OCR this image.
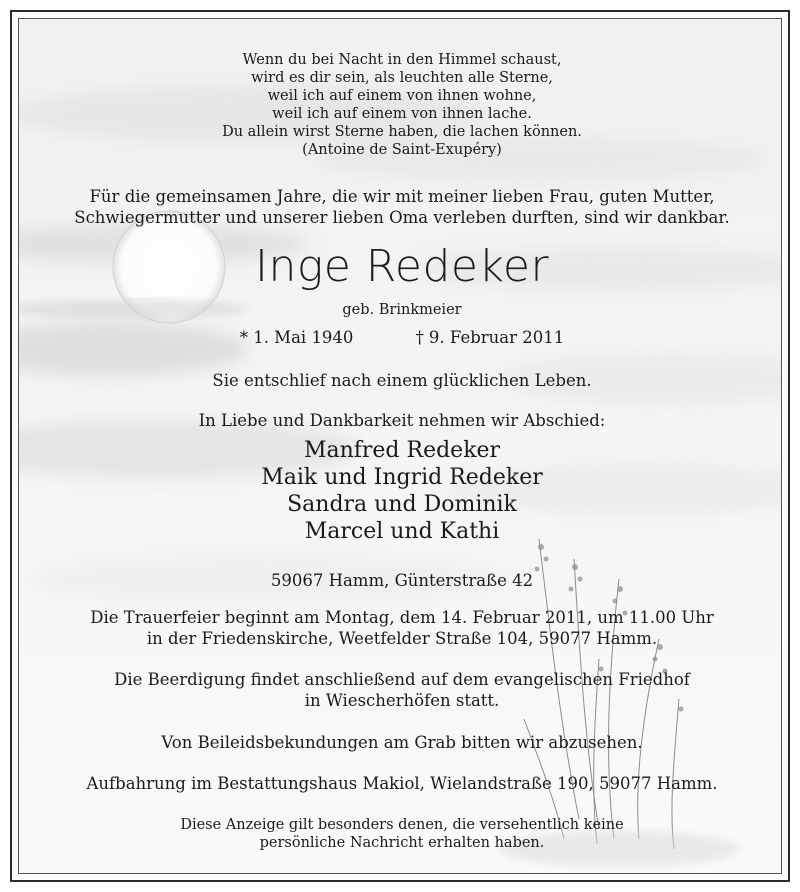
Wenn du bei Nacht in den Himmel schaust,
wird es dir sein, als leuchten alle Sterne,
weil ich auf einem von ihnen wohne,
weil ich auf einem von ihnen lache.
Du allein wirst Sterne haben, die lachen können.
(Antoine de Saint-Exupéry)
Für die gemeinsamen Jahre, die wir mit meiner lieben Frau, guten Mutter,
Schwiegermutter und unserer lieben Oma verleben durften, sind wir dankbar.
Inge Redeker
geb. Brinkmeier
* 1. Mai 1940	† 9. Februar 2011
Sie entschlief nach einem glücklichen Leben.
In Liebe und Dankbarkeit nehmen wir Abschied:
Manfred Redeker
Maik und Ingrid Redeker
Sandra und Dominik
Marcel und Kathi
59067 Hamm, Günterstraße 42
Die Trauerfeier beginnt am Montag, dem 14. Februar 2011, um 11.00 Uhr
in der Friedenskirche, Weetfelder Straße 104, 59077 Hamm.
Die Beerdigung findet anschließend auf dem evangelischen Friedhof
in Wiescherhöfen statt.
Von Beileidsbekundungen am Grab bitten wir abzusehen.
Aufbahrung im Bestattungshaus Makiol, Wielandstraße 190, 59077 Hamm.
Diese Anzeige gilt besonders denen, die versehentlich keine
persönliche Nachricht erhalten haben.
